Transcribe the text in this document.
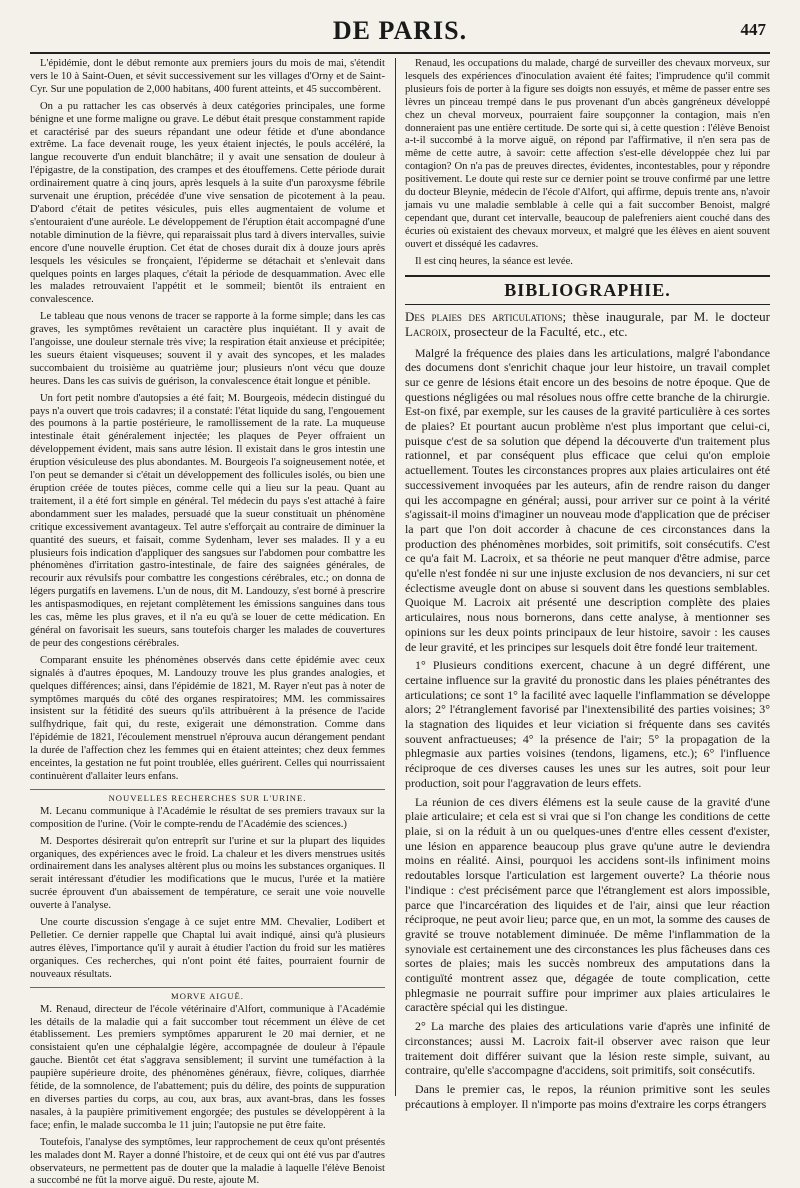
DE PARIS.	447

L'épidémie, dont le début remonte aux premiers jours du mois de mai, s'étendit vers le 10 à Saint-Ouen, et sévit successivement sur les villages d'Orny et de Saint-Cyr. Sur une population de 2,000 habitans, 400 furent atteints, et 45 succombèrent.

On a pu rattacher les cas observés à deux catégories principales, une forme bénigne et une forme maligne ou grave. Le début était presque constamment rapide et caractérisé par des sueurs répandant une odeur fétide et d'une abondance extrême. La face devenait rouge, les yeux étaient injectés, le pouls accéléré, la langue recouverte d'un enduit blanchâtre; il y avait une sensation de douleur à l'épigastre, de la constipation, des crampes et des étouffemens. Cette période durait ordinairement quatre à cinq jours, après lesquels à la suite d'un paroxysme fébrile survenait une éruption, précédée d'une vive sensation de picotement à la peau. D'abord c'était de petites vésicules, puis elles augmentaient de volume et s'entouraient d'une auréole. Le développement de l'éruption était accompagné d'une notable diminution de la fièvre, qui reparaissait plus tard à divers intervalles, suivie encore d'une nouvelle éruption. Cet état de choses durait dix à douze jours après lesquels les vésicules se fronçaient, l'épiderme se détachait et s'enlevait dans quelques points en larges plaques, c'était la période de desquammation. Avec elle les malades retrouvaient l'appétit et le sommeil; bientôt ils entraient en convalescence.

Le tableau que nous venons de tracer se rapporte à la forme simple; dans les cas graves, les symptômes revêtaient un caractère plus inquiétant. Il y avait de l'angoisse, une douleur sternale très vive; la respiration était anxieuse et précipitée; les sueurs étaient visqueuses; souvent il y avait des syncopes, et les malades succombaient du troisième au quatrième jour; plusieurs n'ont vécu que douze heures. Dans les cas suivis de guérison, la convalescence était longue et pénible.

Un fort petit nombre d'autopsies a été fait; M. Bourgeois, médecin distingué du pays n'a ouvert que trois cadavres; il a constaté: l'état liquide du sang, l'engouement des poumons à la partie postérieure, le ramollissement de la rate. La muqueuse intestinale était généralement injectée; les plaques de Peyer offraient un développement évident, mais sans autre lésion. Il existait dans le gros intestin une éruption vésiculeuse des plus abondantes. M. Bourgeois l'a soigneusement notée, et l'on peut se demander si c'était un développement des follicules isolés, ou bien une éruption créée de toutes pièces, comme celle qui a lieu sur la peau. Quant au traitement, il a été fort simple en général. Tel médecin du pays s'est attaché à faire abondamment suer les malades, persuadé que la sueur constituait un phénomène critique excessivement avantageux. Tel autre s'efforçait au contraire de diminuer la quantité des sueurs, et faisait, comme Sydenham, lever ses malades. Il y a eu plusieurs fois indication d'appliquer des sangsues sur l'abdomen pour combattre les phénomènes d'irritation gastro-intestinale, de faire des saignées générales, de recourir aux révulsifs pour combattre les congestions cérébrales, etc.; on donna de légers purgatifs en lavemens. L'un de nous, dit M. Landouzy, s'est borné à prescrire les antispasmodiques, en rejetant complètement les émissions sanguines dans tous les cas, même les plus graves, et il n'a eu qu'à se louer de cette médication. En général on favorisait les sueurs, sans toutefois charger les malades de couvertures de peur des congestions cérébrales.

Comparant ensuite les phénomènes observés dans cette épidémie avec ceux signalés à d'autres époques, M. Landouzy trouve les plus grandes analogies, et quelques différences; ainsi, dans l'épidémie de 1821, M. Rayer n'eut pas à noter de symptômes marqués du côté des organes respiratoires; MM. les commissaires insistent sur la fétidité des sueurs qu'ils attribuèrent à la présence de l'acide sulfhydrique, fait qui, du reste, exigerait une démonstration. Comme dans l'épidémie de 1821, l'écoulement menstruel n'éprouva aucun dérangement pendant la durée de l'affection chez les femmes qui en étaient atteintes; chez deux femmes enceintes, la gestation ne fut point troublée, elles guérirent. Celles qui nourrissaient continuèrent d'allaiter leurs enfans.

NOUVELLES RECHERCHES SUR L'URINE.

M. Lecanu communique à l'Académie le résultat de ses premiers travaux sur la composition de l'urine. (Voir le compte-rendu de l'Académie des sciences.)

M. Desportes désirerait qu'on entreprît sur l'urine et sur la plupart des liquides organiques, des expériences avec le froid. La chaleur et les divers menstrues usités ordinairement dans les analyses altèrent plus ou moins les substances organiques. Il serait intéressant d'étudier les modifications que le mucus, l'urée et la matière sucrée éprouvent d'un abaissement de température, ce serait une voie nouvelle ouverte à l'analyse.

Une courte discussion s'engage à ce sujet entre MM. Chevalier, Lodibert et Pelletier. Ce dernier rappelle que Chaptal lui avait indiqué, ainsi qu'à plusieurs autres élèves, l'importance qu'il y aurait à étudier l'action du froid sur les matières organiques. Ces recherches, qui n'ont point été faites, pourraient fournir de nouveaux résultats.

MORVE AIGUË.

M. Renaud, directeur de l'école vétérinaire d'Alfort, communique à l'Académie les détails de la maladie qui a fait succomber tout récemment un élève de cet établissement. Les premiers symptômes apparurent le 20 mai dernier, et ne consistaient qu'en une céphalalgie légère, accompagnée de douleur à l'épaule gauche. Bientôt cet état s'aggrava sensiblement; il survint une tuméfaction à la paupière supérieure droite, des phénomènes généraux, fièvre, coliques, diarrhée fétide, de la somnolence, de l'abattement; puis du délire, des points de suppuration en diverses parties du corps, au cou, aux bras, aux avant-bras, dans les fosses nasales, à la paupière primitivement engorgée; des pustules se développèrent à la face; enfin, le malade succomba le 11 juin; l'autopsie ne put être faite.

Toutefois, l'analyse des symptômes, leur rapprochement de ceux qu'ont présentés les malades dont M. Rayer a donné l'histoire, et de ceux qui ont été vus par d'autres observateurs, ne permettent pas de douter que la maladie à laquelle l'élève Benoist a succombé ne fût la morve aiguë. Du reste, ajoute M.

Renaud, les occupations du malade, chargé de surveiller des chevaux morveux, sur lesquels des expériences d'inoculation avaient été faites; l'imprudence qu'il commit plusieurs fois de porter à la figure ses doigts non essuyés, et même de passer entre ses lèvres un pinceau trempé dans le pus provenant d'un abcès gangréneux développé chez un cheval morveux, pourraient faire soupçonner la contagion, mais n'en donneraient pas une entière certitude. De sorte qui si, à cette question : l'élève Benoist a-t-il succombé à la morve aiguë, on répond par l'affirmative, il n'en sera pas de même de cette autre, à savoir: cette affection s'est-elle développée chez lui par contagion? On n'a pas de preuves directes, évidentes, incontestables, pour y répondre positivement. Le doute qui reste sur ce dernier point se trouve confirmé par une lettre du docteur Bleynie, médecin de l'école d'Alfort, qui affirme, depuis trente ans, n'avoir jamais vu une maladie semblable à celle qui a fait succomber Benoist, malgré cependant que, durant cet intervalle, beaucoup de palefreniers aient couché dans des écuries où existaient des chevaux morveux, et malgré que les élèves en aient souvent ouvert et disséqué les cadavres.

Il est cinq heures, la séance est levée.

BIBLIOGRAPHIE.
Des plaies des articulations; thèse inaugurale, par M. le docteur Lacroix, prosecteur de la Faculté, etc., etc.

Malgré la fréquence des plaies dans les articulations, malgré l'abondance des documens dont s'enrichit chaque jour leur histoire, un travail complet sur ce genre de lésions était encore un des besoins de notre époque. Que de questions négligées ou mal résolues nous offre cette branche de la chirurgie. Est-on fixé, par exemple, sur les causes de la gravité particulière à ces sortes de plaies? Et pourtant aucun problème n'est plus important que celui-ci, puisque c'est de sa solution que dépend la découverte d'un traitement plus rationnel, et par conséquent plus efficace que celui qu'on emploie actuellement. Toutes les circonstances propres aux plaies articulaires ont été successivement invoquées par les auteurs, afin de rendre raison du danger qui les accompagne en général; aussi, pour arriver sur ce point à la vérité s'agissait-il moins d'imaginer un nouveau mode d'application que de préciser la part que l'on doit accorder à chacune de ces circonstances dans la production des phénomènes morbides, soit primitifs, soit consécutifs. C'est ce qu'a fait M. Lacroix, et sa théorie ne peut manquer d'être admise, parce qu'elle n'est fondée ni sur une injuste exclusion de nos devanciers, ni sur cet éclectisme aveugle dont on abuse si souvent dans les questions semblables. Quoique M. Lacroix ait présenté une description complète des plaies articulaires, nous nous bornerons, dans cette analyse, à mentionner ses opinions sur les deux points principaux de leur histoire, savoir : les causes de leur gravité, et les principes sur lesquels doit être fondé leur traitement.

1° Plusieurs conditions exercent, chacune à un degré différent, une certaine influence sur la gravité du pronostic dans les plaies pénétrantes des articulations; ce sont 1° la facilité avec laquelle l'inflammation se développe alors; 2° l'étranglement favorisé par l'inextensibilité des parties voisines; 3° la stagnation des liquides et leur viciation si fréquente dans ses cavités souvent anfractueuses; 4° la présence de l'air; 5° la propagation de la phlegmasie aux parties voisines (tendons, ligamens, etc.); 6° l'influence réciproque de ces diverses causes les unes sur les autres, soit pour leur production, soit pour l'aggravation de leurs effets.

La réunion de ces divers élémens est la seule cause de la gravité d'une plaie articulaire; et cela est si vrai que si l'on change les conditions de cette plaie, si on la réduit à un ou quelques-unes d'entre elles cessent d'exister, une lésion en apparence beaucoup plus grave qu'une autre le deviendra moins en réalité. Ainsi, pourquoi les accidens sont-ils infiniment moins redoutables lorsque l'articulation est largement ouverte? La théorie nous l'indique : c'est précisément parce que l'étranglement est alors impossible, parce que l'incarcération des liquides et de l'air, ainsi que leur réaction réciproque, ne peut avoir lieu; parce que, en un mot, la somme des causes de gravité se trouve notablement diminuée. De même l'inflammation de la synoviale est certainement une des circonstances les plus fâcheuses dans ces sortes de plaies; mais les succès nombreux des amputations dans la contiguïté montrent assez que, dégagée de toute complication, cette phlegmasie ne pourrait suffire pour imprimer aux plaies articulaires le caractère spécial qui les distingue.

2° La marche des plaies des articulations varie d'après une infinité de circonstances; aussi M. Lacroix fait-il observer avec raison que leur traitement doit différer suivant que la lésion reste simple, suivant, au contraire, qu'elle s'accompagne d'accidens, soit primitifs, soit consécutifs.

Dans le premier cas, le repos, la réunion primitive sont les seules précautions à employer. Il n'importe pas moins d'extraire les corps étrangers
